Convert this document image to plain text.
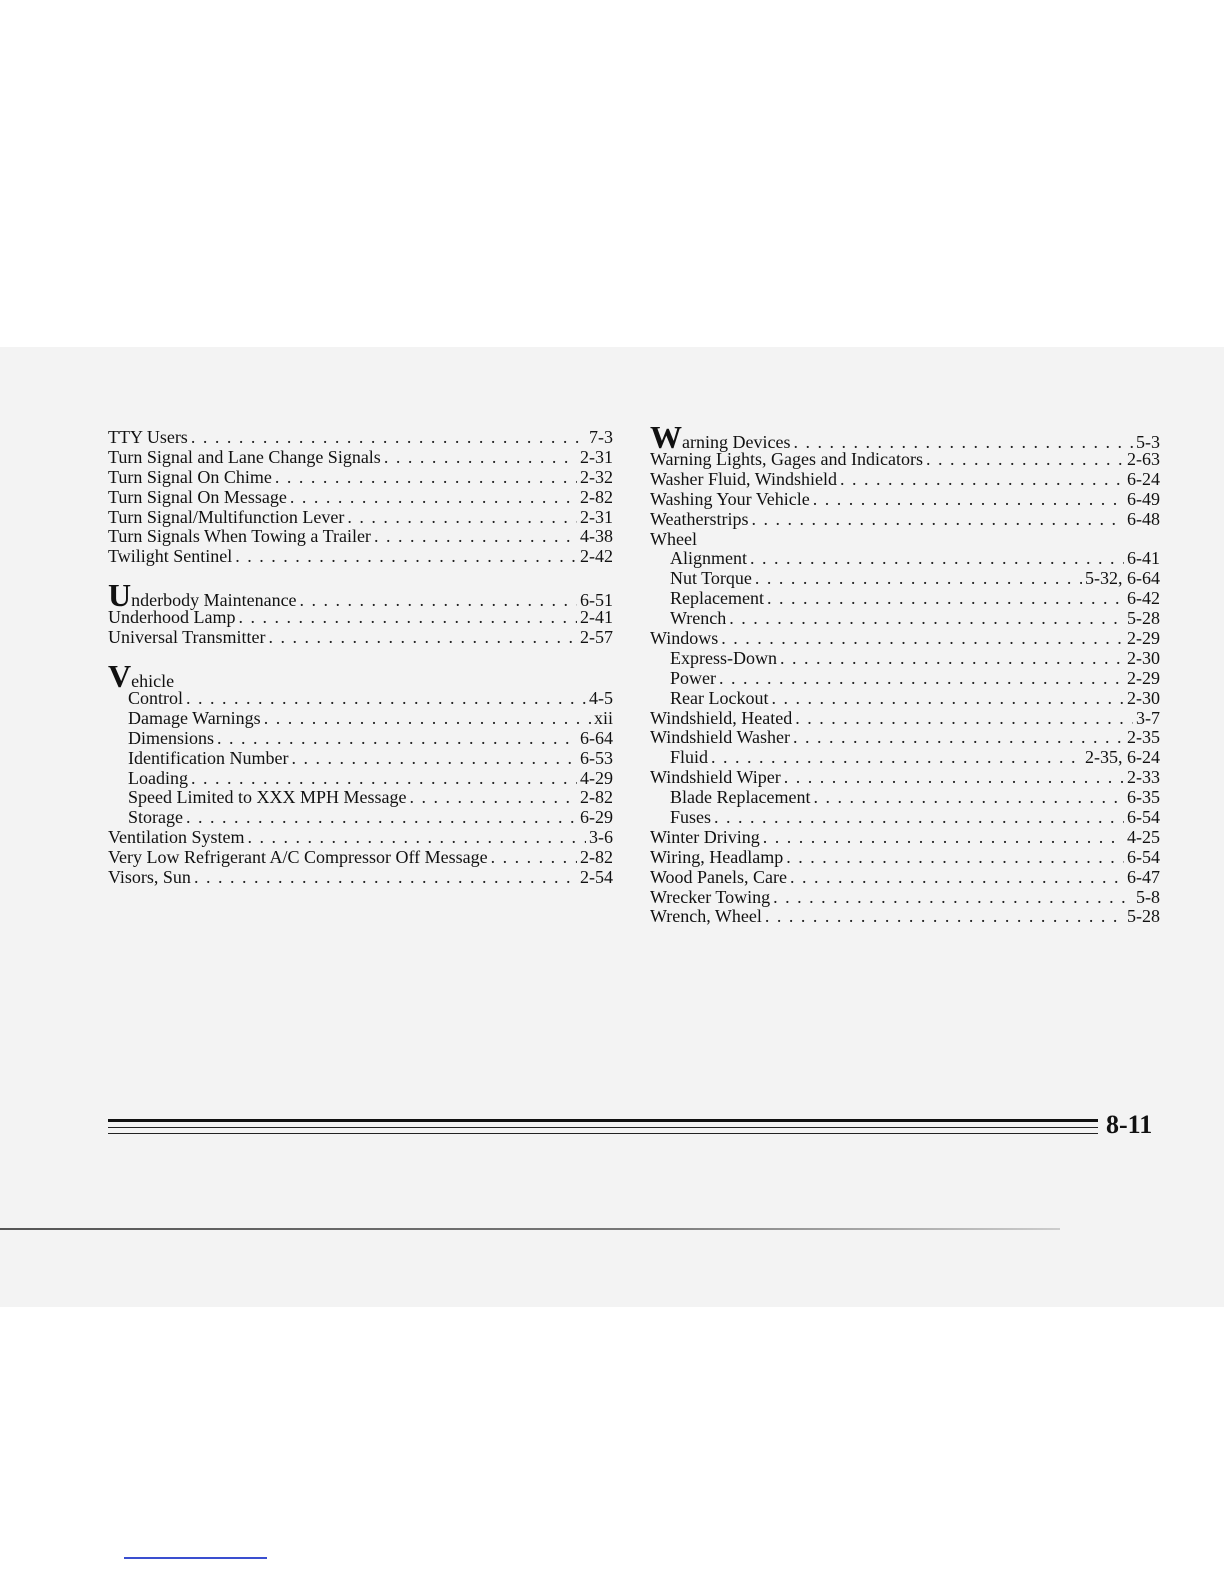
TTY Users . . .	7-3
Turn Signal and Lane Change Signals . . .	2-31
Turn Signal On Chime . . .	2-32
Turn Signal On Message . . .	2-82
Turn Signal/Multifunction Lever . . .	2-31
Turn Signals When Towing a Trailer . . .	4-38
Twilight Sentinel . . .	2-42
Underbody Maintenance . . .	6-51
Underhood Lamp . . .	2-41
Universal Transmitter . . .	2-57
Vehicle
Control . . .	4-5
Damage Warnings . . .	xii
Dimensions . . .	6-64
Identification Number . . .	6-53
Loading . . .	4-29
Speed Limited to XXX MPH Message . . .	2-82
Storage . . .	6-29
Ventilation System . . .	3-6
Very Low Refrigerant A/C Compressor Off Message . . .	2-82
Visors, Sun . . .	2-54
Warning Devices . . .	5-3
Warning Lights, Gages and Indicators . . .	2-63
Washer Fluid, Windshield . . .	6-24
Washing Your Vehicle . . .	6-49
Weatherstrips . . .	6-48
Wheel
Alignment . . .	6-41
Nut Torque . . .	5-32, 6-64
Replacement . . .	6-42
Wrench . . .	5-28
Windows . . .	2-29
Express-Down . . .	2-30
Power . . .	2-29
Rear Lockout . . .	2-30
Windshield, Heated . . .	3-7
Windshield Washer . . .	2-35
Fluid . . .	2-35, 6-24
Windshield Wiper . . .	2-33
Blade Replacement . . .	6-35
Fuses . . .	6-54
Winter Driving . . .	4-25
Wiring, Headlamp . . .	6-54
Wood Panels, Care . . .	6-47
Wrecker Towing . . .	5-8
Wrench, Wheel . . .	5-28
8-11
